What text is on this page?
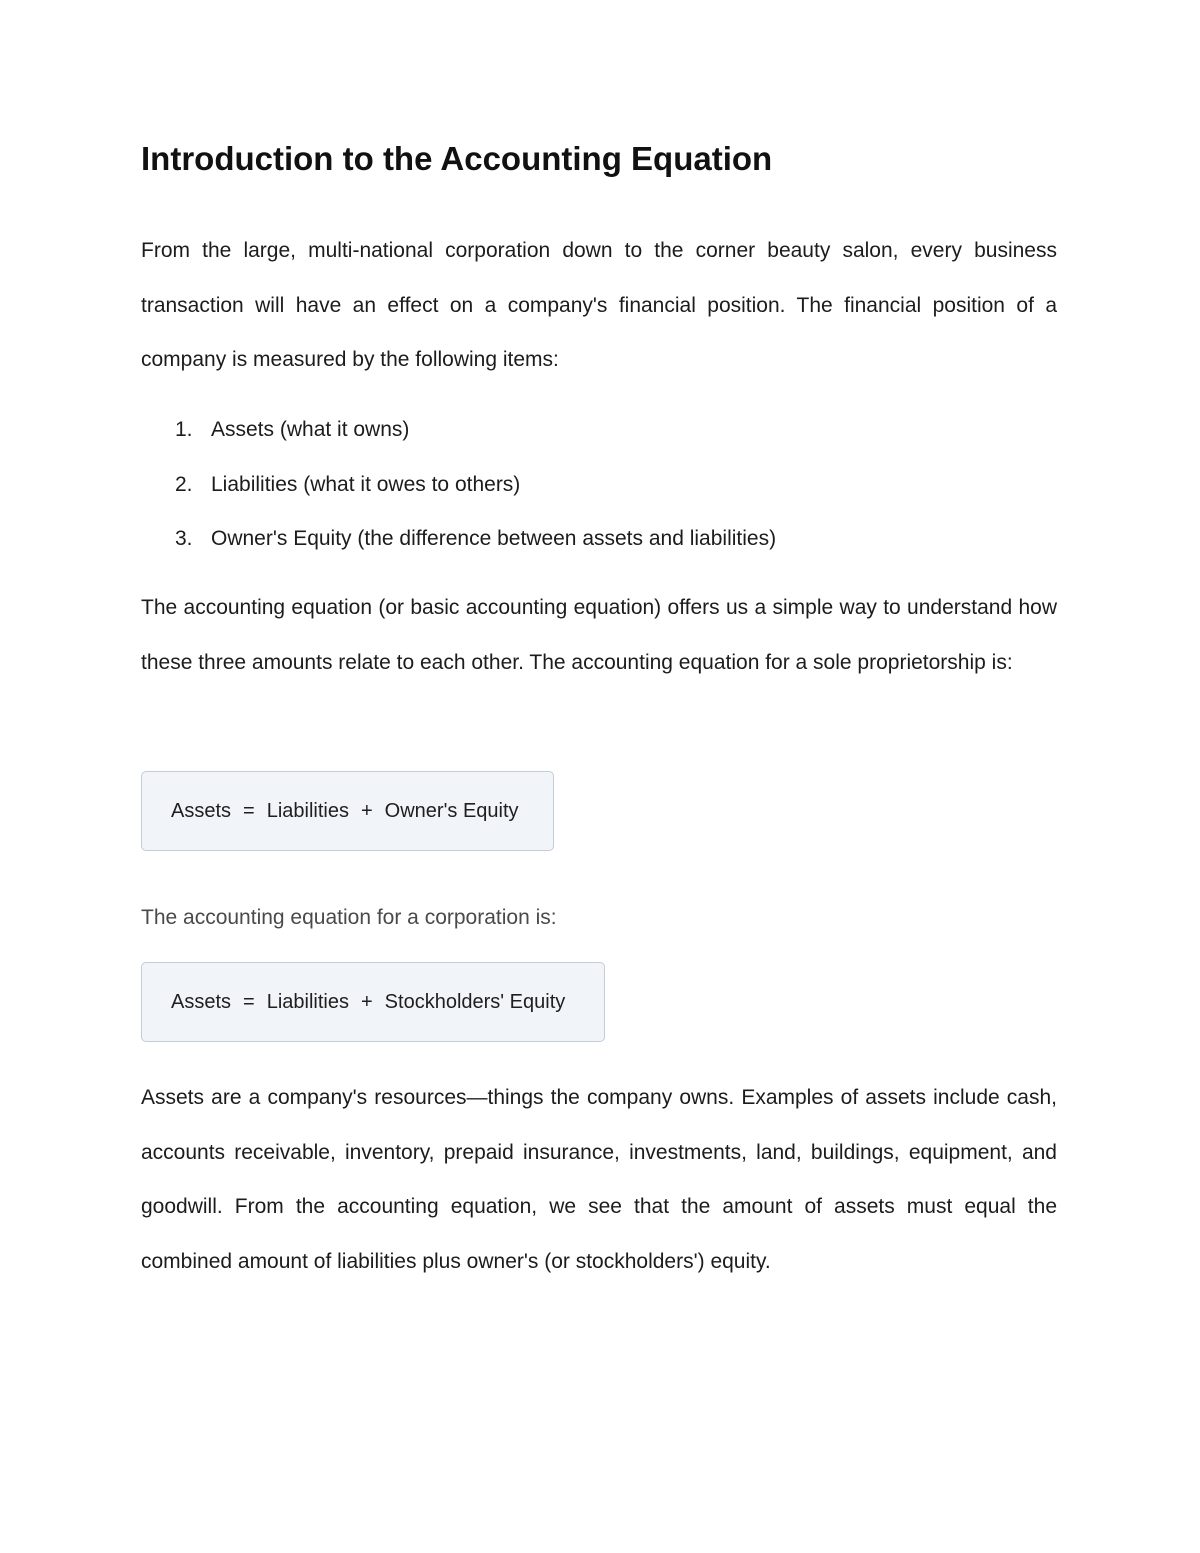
Introduction to the Accounting Equation

From the large, multi-national corporation down to the corner beauty salon, every business transaction will have an effect on a company's financial position. The financial position of a company is measured by the following items:

1. Assets (what it owns)
2. Liabilities (what it owes to others)
3. Owner's Equity (the difference between assets and liabilities)

The accounting equation (or basic accounting equation) offers us a simple way to understand how these three amounts relate to each other. The accounting equation for a sole proprietorship is:

Assets = Liabilities + Owner's Equity

The accounting equation for a corporation is:

Assets = Liabilities + Stockholders' Equity

Assets are a company's resources—things the company owns. Examples of assets include cash, accounts receivable, inventory, prepaid insurance, investments, land, buildings, equipment, and goodwill. From the accounting equation, we see that the amount of assets must equal the combined amount of liabilities plus owner's (or stockholders') equity.
